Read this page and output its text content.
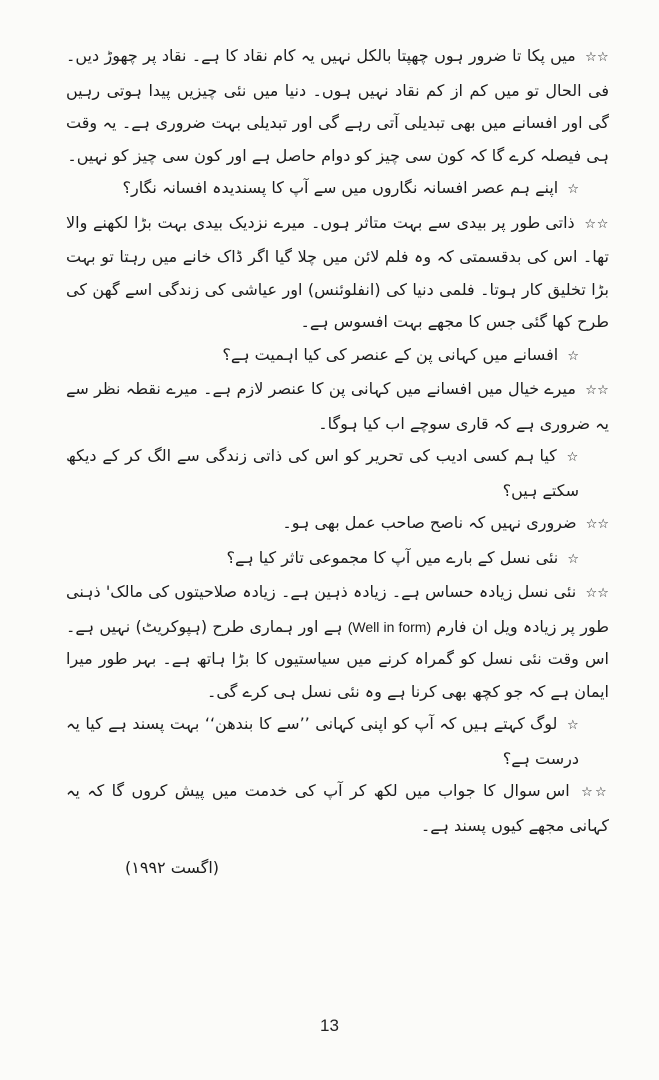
☆☆ میں پکا تا ضرور ہوں چھپتا بالکل نہیں یہ کام نقاد کا ہے۔ نقاد پر چھوڑ دیں۔ فی الحال تو میں کم از کم نقاد نہیں ہوں۔ دنیا میں نئی چیزیں پیدا ہوتی رہیں گی اور افسانے میں بھی تبدیلی آتی رہے گی اور تبدیلی بہت ضروری ہے۔ یہ وقت ہی فیصلہ کرے گا کہ کون سی چیز کو دوام حاصل ہے اور کون سی چیز کو نہیں۔

☆ اپنے ہم عصر افسانہ نگاروں میں سے آپ کا پسندیدہ افسانہ نگار؟

☆☆ ذاتی طور پر بیدی سے بہت متاثر ہوں۔ میرے نزدیک بیدی بہت بڑا لکھنے والا تھا۔ اس کی بدقسمتی کہ وہ فلم لائن میں چلا گیا اگر ڈاک خانے میں رہتا تو بہت بڑا تخلیق کار ہوتا۔ فلمی دنیا کی (انفلوئنس) اور عیاشی کی زندگی اسے گھن کی طرح کھا گئی جس کا مجھے بہت افسوس ہے۔

☆ افسانے میں کہانی پن کے عنصر کی کیا اہمیت ہے؟

☆☆ میرے خیال میں افسانے میں کہانی پن کا عنصر لازم ہے۔ میرے نقطہ نظر سے یہ ضروری ہے کہ قاری سوچے اب کیا ہوگا۔

☆ کیا ہم کسی ادیب کی تحریر کو اس کی ذاتی زندگی سے الگ کر کے دیکھ سکتے ہیں؟

☆☆ ضروری نہیں کہ ناصح صاحب عمل بھی ہو۔

☆ نئی نسل کے بارے میں آپ کا مجموعی تاثر کیا ہے؟

☆☆ نئی نسل زیادہ حساس ہے۔ زیادہ ذہین ہے۔ زیادہ صلاحیتوں کی مالک' ذہنی طور پر زیادہ ویل ان فارم (Well in form) ہے اور ہماری طرح (ہپوکریٹ) نہیں ہے۔ اس وقت نئی نسل کو گمراہ کرنے میں سیاستیوں کا بڑا ہاتھ ہے۔ بہر طور میرا ایمان ہے کہ جو کچھ بھی کرنا ہے وہ نئی نسل ہی کرے گی۔

☆ لوگ کہتے ہیں کہ آپ کو اپنی کہانی ’’سے کا بندھن‘‘ بہت پسند ہے کیا یہ درست ہے؟

☆☆ اس سوال کا جواب میں لکھ کر آپ کی خدمت میں پیش کروں گا کہ یہ کہانی مجھے کیوں پسند ہے۔

(اگست ۱۹۹۲)
13
